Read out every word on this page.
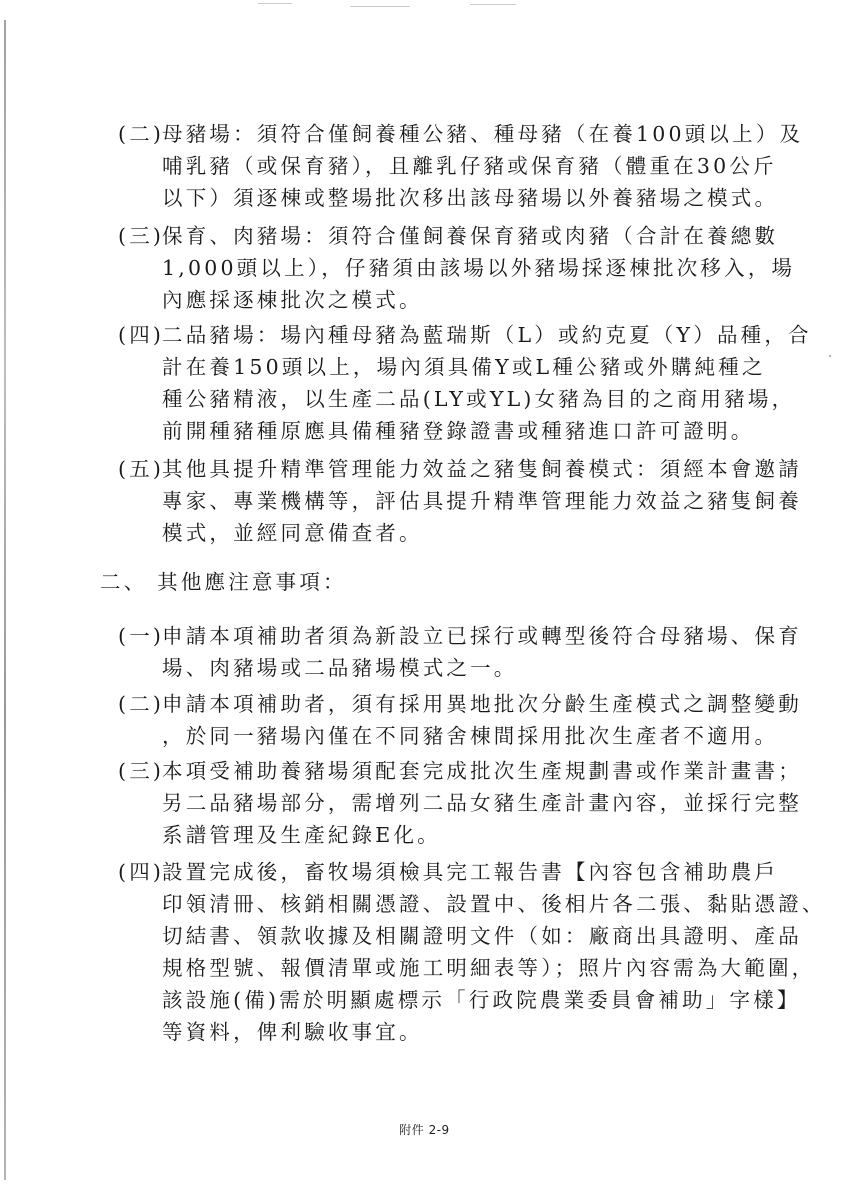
(二)
母豬場：須符合僅飼養種公豬、種母豬（在養100頭以上）及
哺乳豬（或保育豬），且離乳仔豬或保育豬（體重在30公斤
以下）須逐棟或整場批次移出該母豬場以外養豬場之模式。
(三)
保育、肉豬場：須符合僅飼養保育豬或肉豬（合計在養總數
1,000頭以上），仔豬須由該場以外豬場採逐棟批次移入，場
內應採逐棟批次之模式。
(四)
二品豬場：場內種母豬為藍瑞斯（L）或約克夏（Y）品種，合
計在養150頭以上，場內須具備Y或L種公豬或外購純種之
種公豬精液，以生產二品(LY或YL)女豬為目的之商用豬場，
前開種豬種原應具備種豬登錄證書或種豬進口許可證明。
(五)
其他具提升精準管理能力效益之豬隻飼養模式：須經本會邀請
專家、專業機構等，評估具提升精準管理能力效益之豬隻飼養
模式，並經同意備查者。
二、 其他應注意事項：
(一)
申請本項補助者須為新設立已採行或轉型後符合母豬場、保育
場、肉豬場或二品豬場模式之一。
(二)
申請本項補助者，須有採用異地批次分齡生產模式之調整變動
，於同一豬場內僅在不同豬舍棟間採用批次生產者不適用。
(三)
本項受補助養豬場須配套完成批次生產規劃書或作業計畫書；
另二品豬場部分，需增列二品女豬生產計畫內容，並採行完整
系譜管理及生產紀錄E化。
(四)
設置完成後，畜牧場須檢具完工報告書【內容包含補助農戶
印領清冊、核銷相關憑證、設置中、後相片各二張、黏貼憑證、
切結書、領款收據及相關證明文件（如：廠商出具證明、產品
規格型號、報價清單或施工明細表等）；照片內容需為大範圍，
該設施(備)需於明顯處標示「行政院農業委員會補助」字樣】
等資料，俾利驗收事宜。
附件 2-9
